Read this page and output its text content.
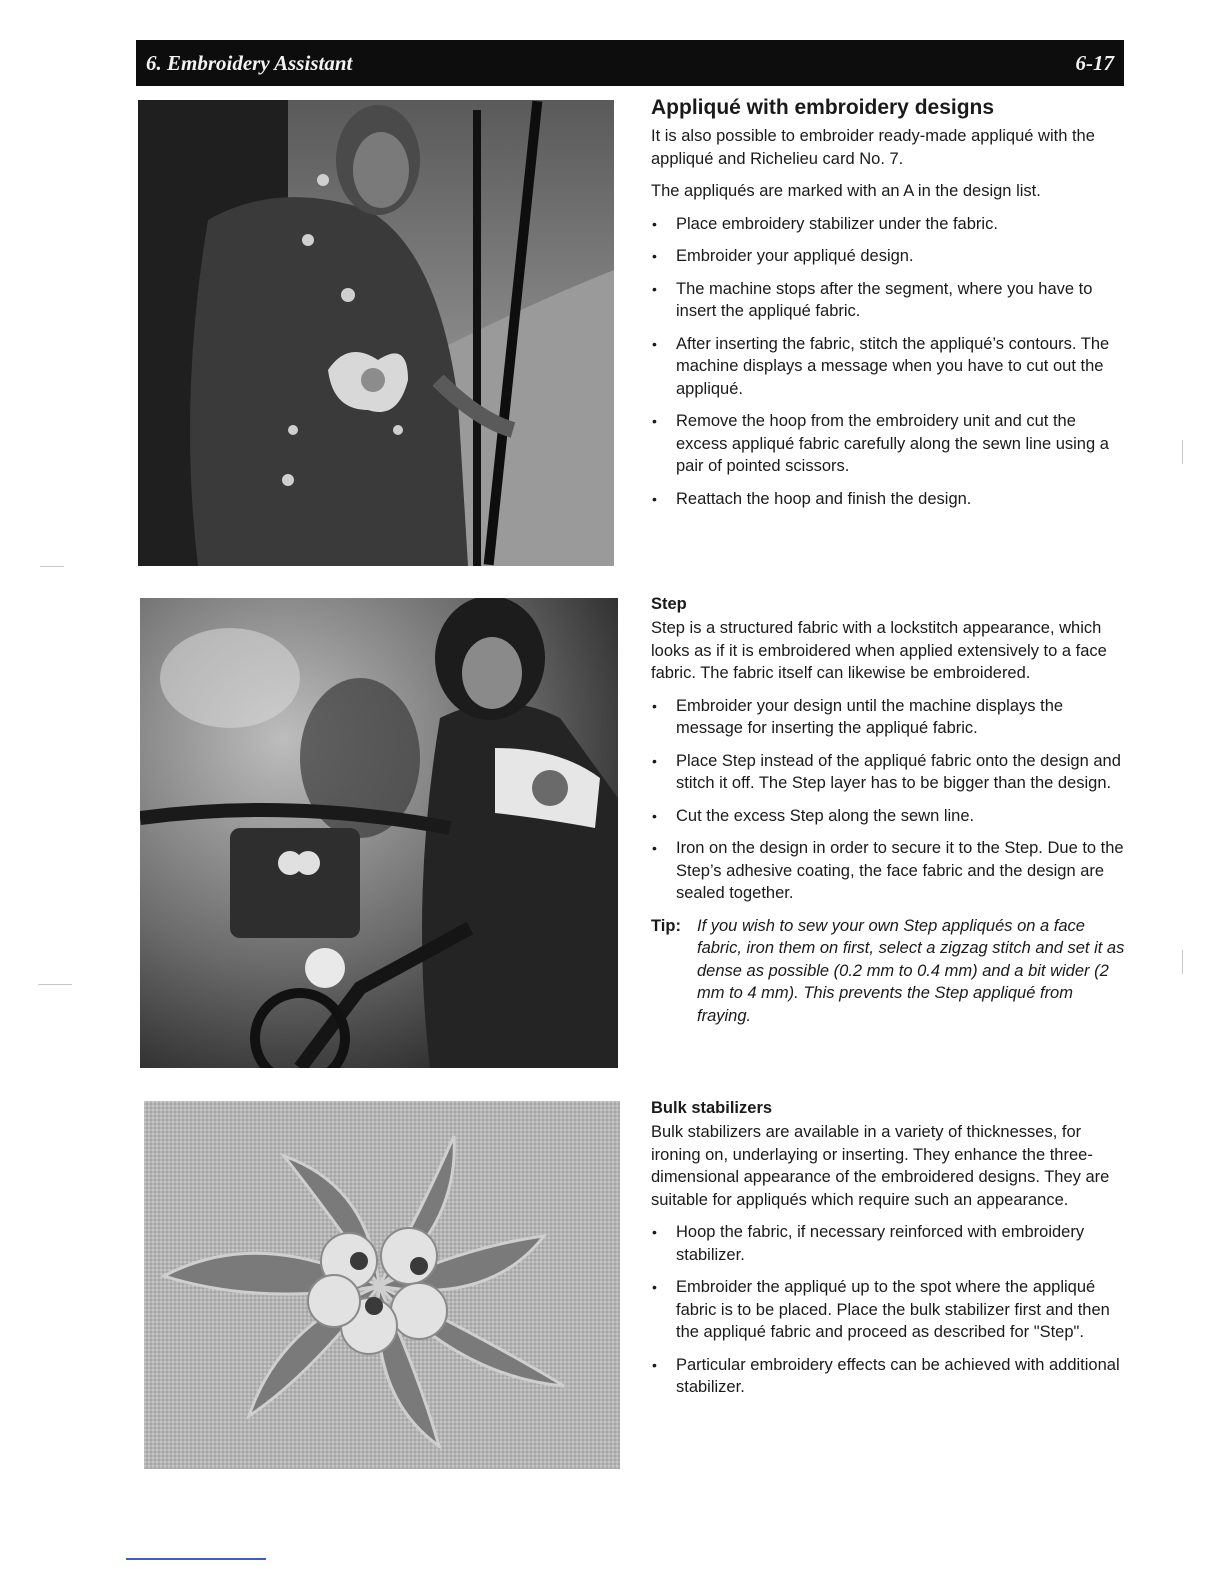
6. Embroidery Assistant	6-17
Appliqué with embroidery designs

It is also possible to embroider ready-made appliqué with the appliqué and Richelieu card No. 7.

The appliqués are marked with an A in the design list.

• Place embroidery stabilizer under the fabric.
• Embroider your appliqué design.
• The machine stops after the segment, where you have to insert the appliqué fabric.
• After inserting the fabric, stitch the appliqué’s contours. The machine displays a message when you have to cut out the appliqué.
• Remove the hoop from the embroidery unit and cut the excess appliqué fabric carefully along the sewn line using a pair of pointed scissors.
• Reattach the hoop and finish the design.
Step

Step is a structured fabric with a lockstitch appearance, which looks as if it is embroidered when applied extensively to a face fabric. The fabric itself can likewise be embroidered.

• Embroider your design until the machine displays the message for inserting the appliqué fabric.
• Place Step instead of the appliqué fabric onto the design and stitch it off. The Step layer has to be bigger than the design.
• Cut the excess Step along the sewn line.
• Iron on the design in order to secure it to the Step. Due to the Step’s adhesive coating, the face fabric and the design are sealed together.
Tip: If you wish to sew your own Step appliqués on a face fabric, iron them on first, select a zigzag stitch and set it as dense as possible (0.2 mm to 0.4 mm) and a bit wider (2 mm to 4 mm). This prevents the Step appliqué from fraying.
Bulk stabilizers

Bulk stabilizers are available in a variety of thicknesses, for ironing on, underlaying or inserting. They enhance the three-dimensional appearance of the embroidered designs. They are suitable for appliqués which require such an appearance.

• Hoop the fabric, if necessary reinforced with embroidery stabilizer.
• Embroider the appliqué up to the spot where the appliqué fabric is to be placed. Place the bulk stabilizer first and then the appliqué fabric and proceed as described for "Step".
• Particular embroidery effects can be achieved with additional stabilizer.
